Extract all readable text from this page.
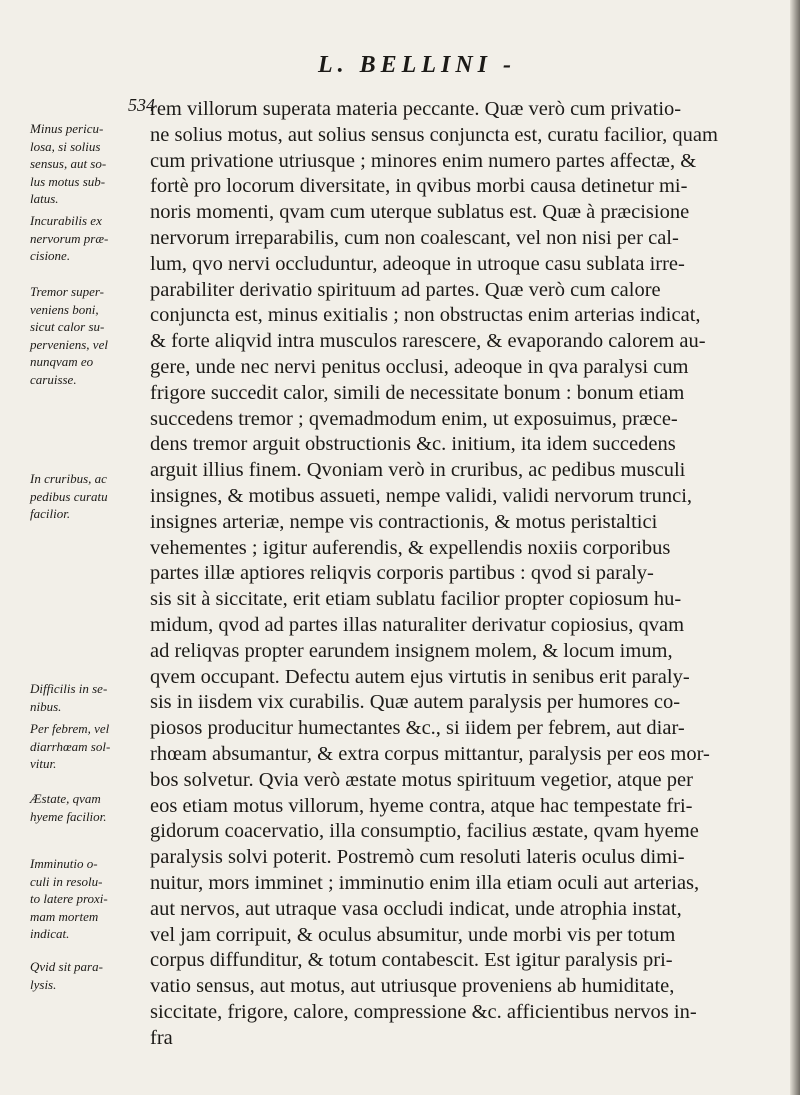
L. BELLINI -
534
rem villorum superata materia peccante. Quæ verò cum privatio-
ne solius motus, aut solius sensus conjuncta est, curatu facilior, quam
cum privatione utriusque ; minores enim numero partes affectæ, &
fortè pro locorum diversitate, in qvibus morbi causa detinetur mi-
noris momenti, qvam cum uterque sublatus est. Quæ à præcisione
nervorum irreparabilis, cum non coalescant, vel non nisi per cal-
lum, qvo nervi occluduntur, adeoque in utroque casu sublata irre-
parabiliter derivatio spirituum ad partes. Quæ verò cum calore
conjuncta est, minus exitialis ; non obstructas enim arterias indicat,
& forte aliqvid intra musculos rarescere, & evaporando calorem au-
gere, unde nec nervi penitus occlusi, adeoque in qva paralysi cum
frigore succedit calor, simili de necessitate bonum : bonum etiam
succedens tremor ; qvemadmodum enim, ut exposuimus, præce-
dens tremor arguit obstructionis &c. initium, ita idem succedens
arguit illius finem. Qvoniam verò in cruribus, ac pedibus musculi
insignes, & motibus assueti, nempe validi, validi nervorum trunci,
insignes arteriæ, nempe vis contractionis, & motus peristaltici
vehementes ; igitur auferendis, & expellendis noxiis corporibus
partes illæ aptiores reliqvis corporis partibus : qvod si paraly-
sis sit à siccitate, erit etiam sublatu facilior propter copiosum hu-
midum, qvod ad partes illas naturaliter derivatur copiosius, qvam
ad reliqvas propter earundem insignem molem, & locum imum,
qvem occupant. Defectu autem ejus virtutis in senibus erit paraly-
sis in iisdem vix curabilis. Quæ autem paralysis per humores co-
piosos producitur humectantes &c., si iidem per febrem, aut diar-
rhœam absumantur, & extra corpus mittantur, paralysis per eos mor-
bos solvetur. Qvia verò æstate motus spirituum vegetior, atque per
eos etiam motus villorum, hyeme contra, atque hac tempestate fri-
gidorum coacervatio, illa consumptio, facilius æstate, qvam hyeme
paralysis solvi poterit. Postremò cum resoluti lateris oculus dimi-
nuitur, mors imminet ; imminutio enim illa etiam oculi aut arterias,
aut nervos, aut utraque vasa occludi indicat, unde atrophia instat,
vel jam corripuit, & oculus absumitur, unde morbi vis per totum
corpus diffunditur, & totum contabescit. Est igitur paralysis pri-
vatio sensus, aut motus, aut utriusque proveniens ab humiditate,
siccitate, frigore, calore, compressione &c. afficientibus nervos in-
fra
Minus pericu-
losa, si solius
sensus, aut so-
lus motus sub-
latus.
Incurabilis ex
nervorum præ-
cisione.
Tremor super-
veniens boni,
sicut calor su-
perveniens, vel
nunqvam eo
caruisse.
In cruribus, ac
pedibus curatu
facilior.
Difficilis in se-
nibus.
Per febrem, vel
diarrhœam sol-
vitur.
Æstate, qvam
hyeme facilior.
Imminutio o-
culi in resolu-
to latere proxi-
mam mortem
indicat.
Qvid sit para-
lysis.
